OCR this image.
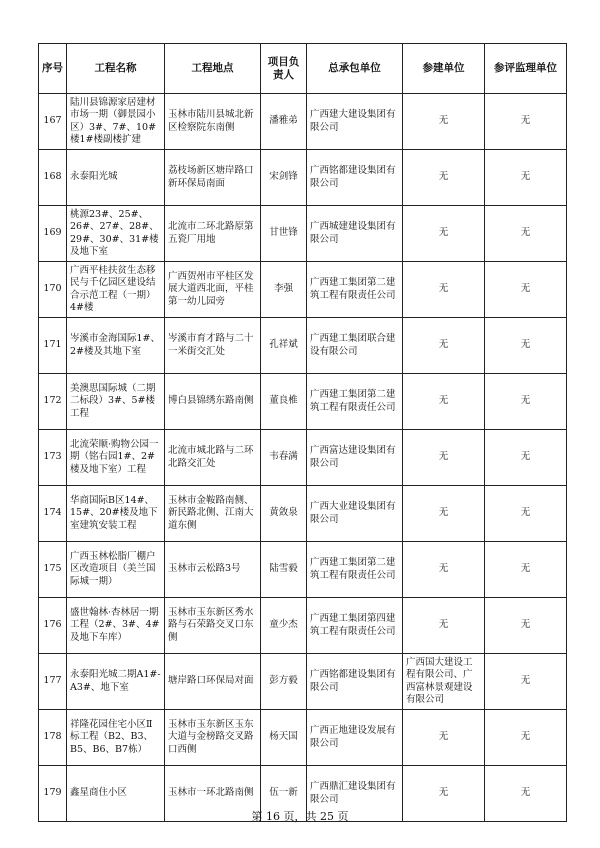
序号	工程名称	工程地点	项目负责人	总承包单位	参建单位	参评监理单位
167	陆川县锦源家居建材市场一期（御景园小区）3#、7#、10#楼1#楼副楼扩建	玉林市陆川县城北新区检察院东南侧	潘雅弟	广西建大建设集团有限公司	无	无
168	永泰阳光城	荔枝场新区塘岸路口新环保局南面	宋剑锋	广西铭都建设集团有限公司	无	无
169	桃源23#、25#、26#、27#、28#、29#、30#、31#楼及地下室	北流市二环北路原第五瓷厂用地	甘世锋	广西城建建设集团有限公司	无	无
170	广西平桂扶贫生态移民与千亿园区建设结合示范工程（一期）4#楼	广西贺州市平桂区发展大道西北面，平桂第一幼儿园旁	李强	广西建工集团第二建筑工程有限责任公司	无	无
171	岑溪市金海国际1#、2#楼及其地下室	岑溪市育才路与二十一米街交汇处	孔祥斌	广西建工集团联合建设有限公司	无	无
172	美澳思国际城（二期二标段）3#、5#楼工程	博白县锦绣东路南侧	董良椎	广西建工集团第二建筑工程有限责任公司	无	无
173	北流荣顺·购物公园一期（铭右园1#、2#楼及地下室）工程	北流市城北路与二环北路交汇处	韦春满	广西富达建设集团有限公司	无	无
174	华商国际B区14#、15#、20#楼及地下室建筑安装工程	玉林市金鞍路南侧、新民路北侧、江南大道东侧	黄敛泉	广西大业建设集团有限公司	无	无
175	广西玉林松脂厂棚户区改造项目（美兰国际城一期）	玉林市云松路3号	陆雪毅	广西建工集团第二建筑工程有限责任公司	无	无
176	盛世翰林·杏林居一期工程（2#、3#、4#及地下车库）	玉林市玉东新区秀水路与石荣路交叉口东侧	童少杰	广西建工集团第四建筑工程有限责任公司	无	无
177	永泰阳光城二期A1#-A3#、地下室	塘岸路口环保局对面	彭方毅	广西铭都建设集团有限公司	广西国大建设工程有限公司、广西富林景观建设有限公司	无
178	祥隆花园住宅小区Ⅱ标工程（B2、B3、B5、B6、B7栋）	玉林市玉东新区玉东大道与金榜路交叉路口西侧	杨天国	广西正地建设发展有限公司	无	无
179	鑫星商住小区	玉林市一环北路南侧	伍一新	广西鼎汇建设集团有限公司	无	无
第 16 页，共 25 页
